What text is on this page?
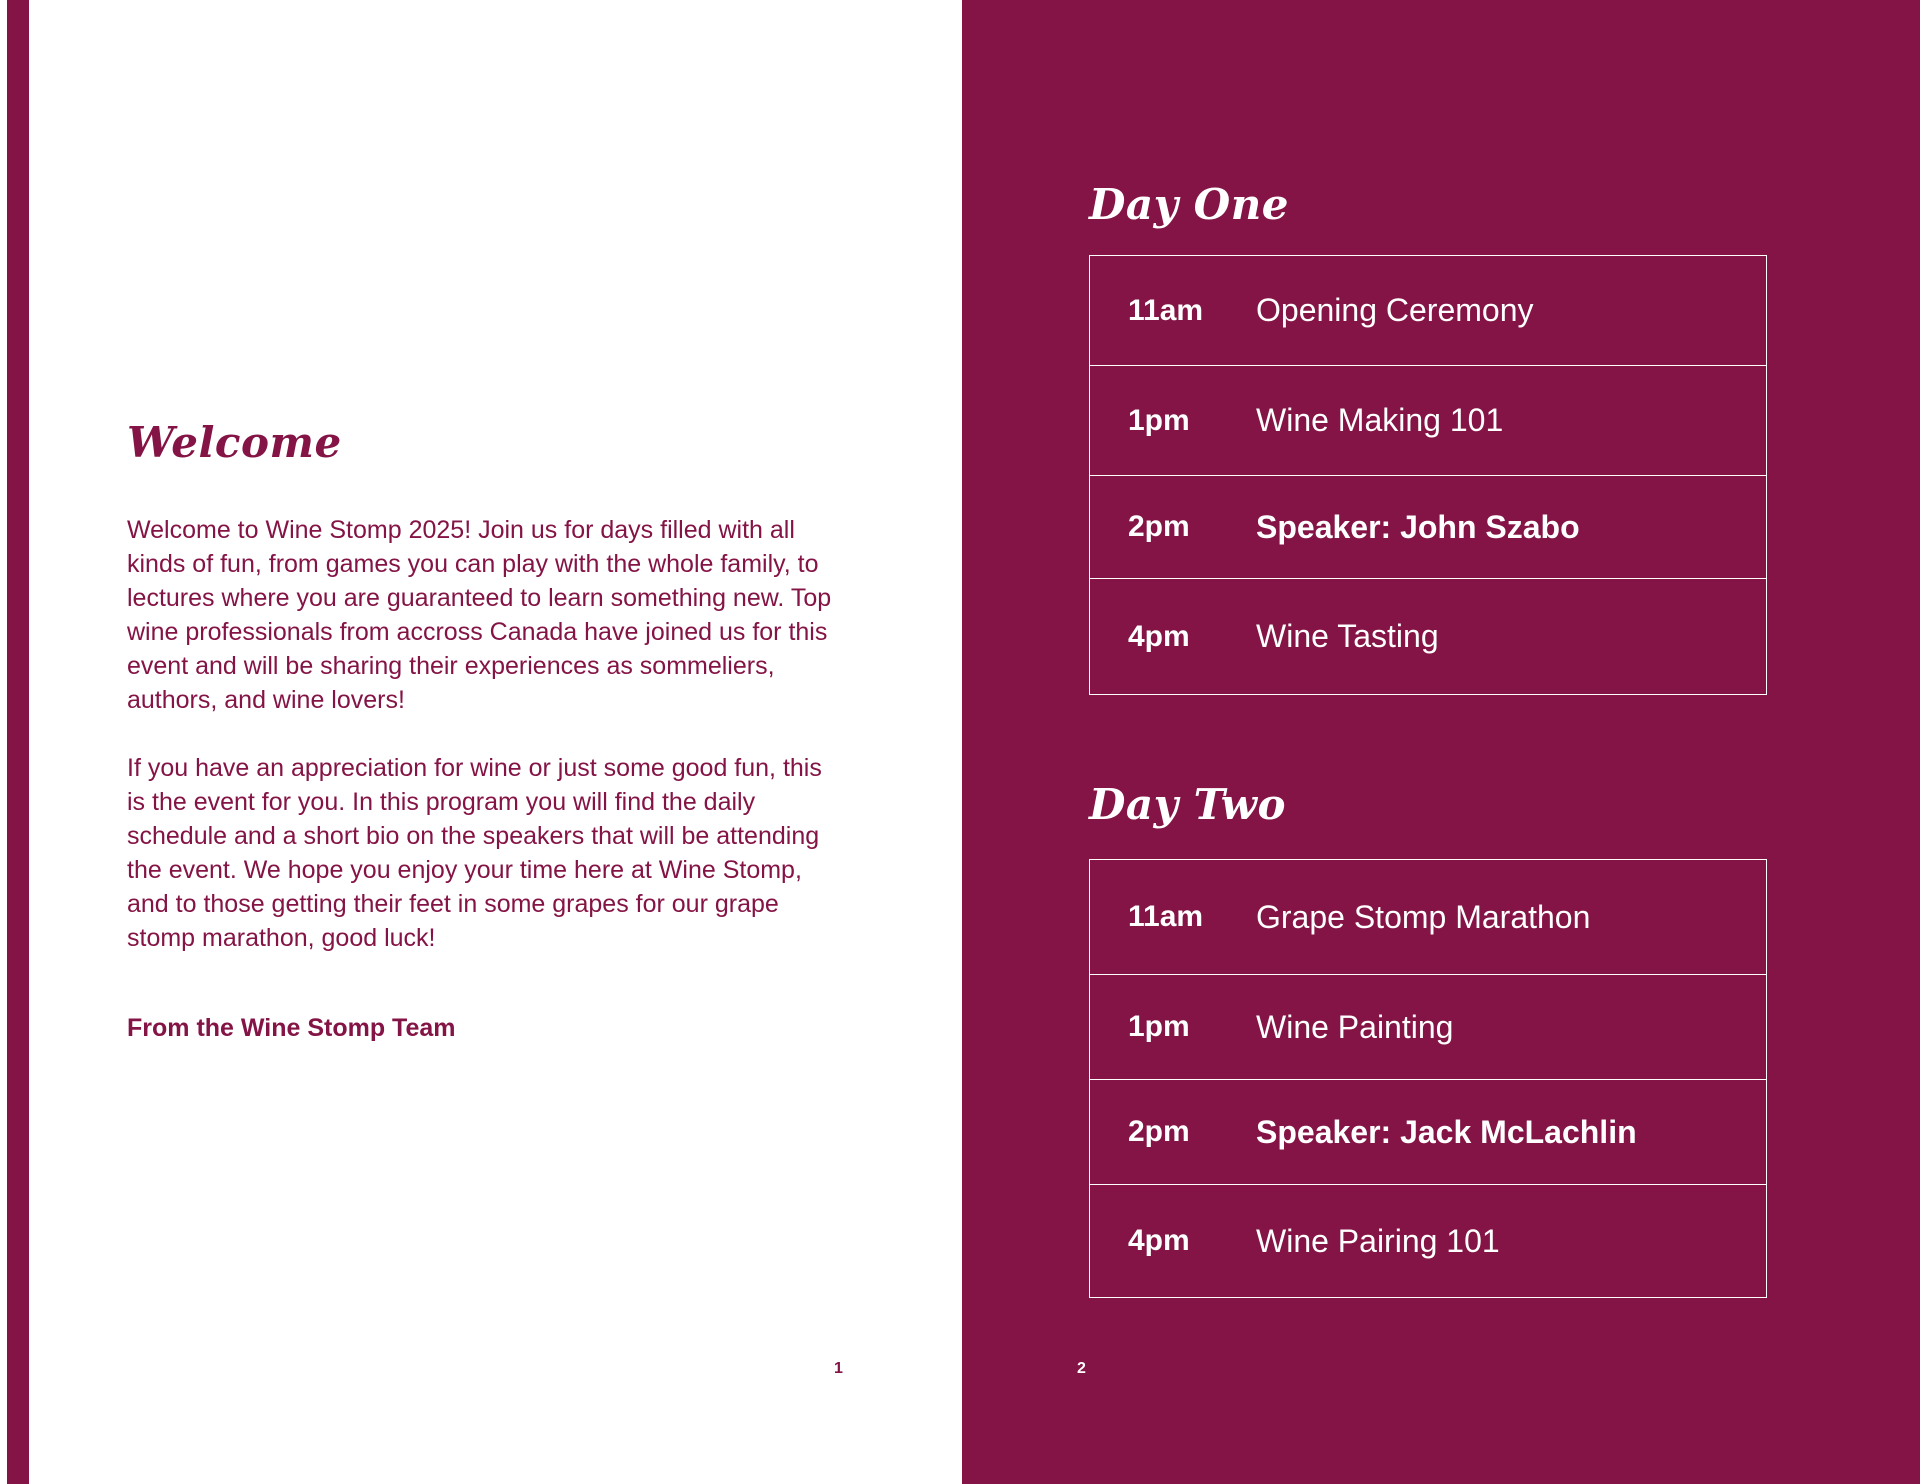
Welcome

Welcome to Wine Stomp 2025! Join us for days filled with all kinds of fun, from games you can play with the whole family, to lectures where you are guaranteed to learn something new. Top wine professionals from accross Canada have joined us for this event and will be sharing their experiences as sommeliers, authors, and wine lovers!

If you have an appreciation for wine or just some good fun, this is the event for you. In this program you will find the daily schedule and a short bio on the speakers that will be attending the event. We hope you enjoy your time here at Wine Stomp, and to those getting their feet in some grapes for our grape stomp marathon, good luck!

From the Wine Stomp Team
1
Day One
11am	Opening Ceremony
1pm	Wine Making 101
2pm	Speaker: John Szabo
4pm	Wine Tasting
Day Two
11am	Grape Stomp Marathon
1pm	Wine Painting
2pm	Speaker: Jack McLachlin
4pm	Wine Pairing 101
2
